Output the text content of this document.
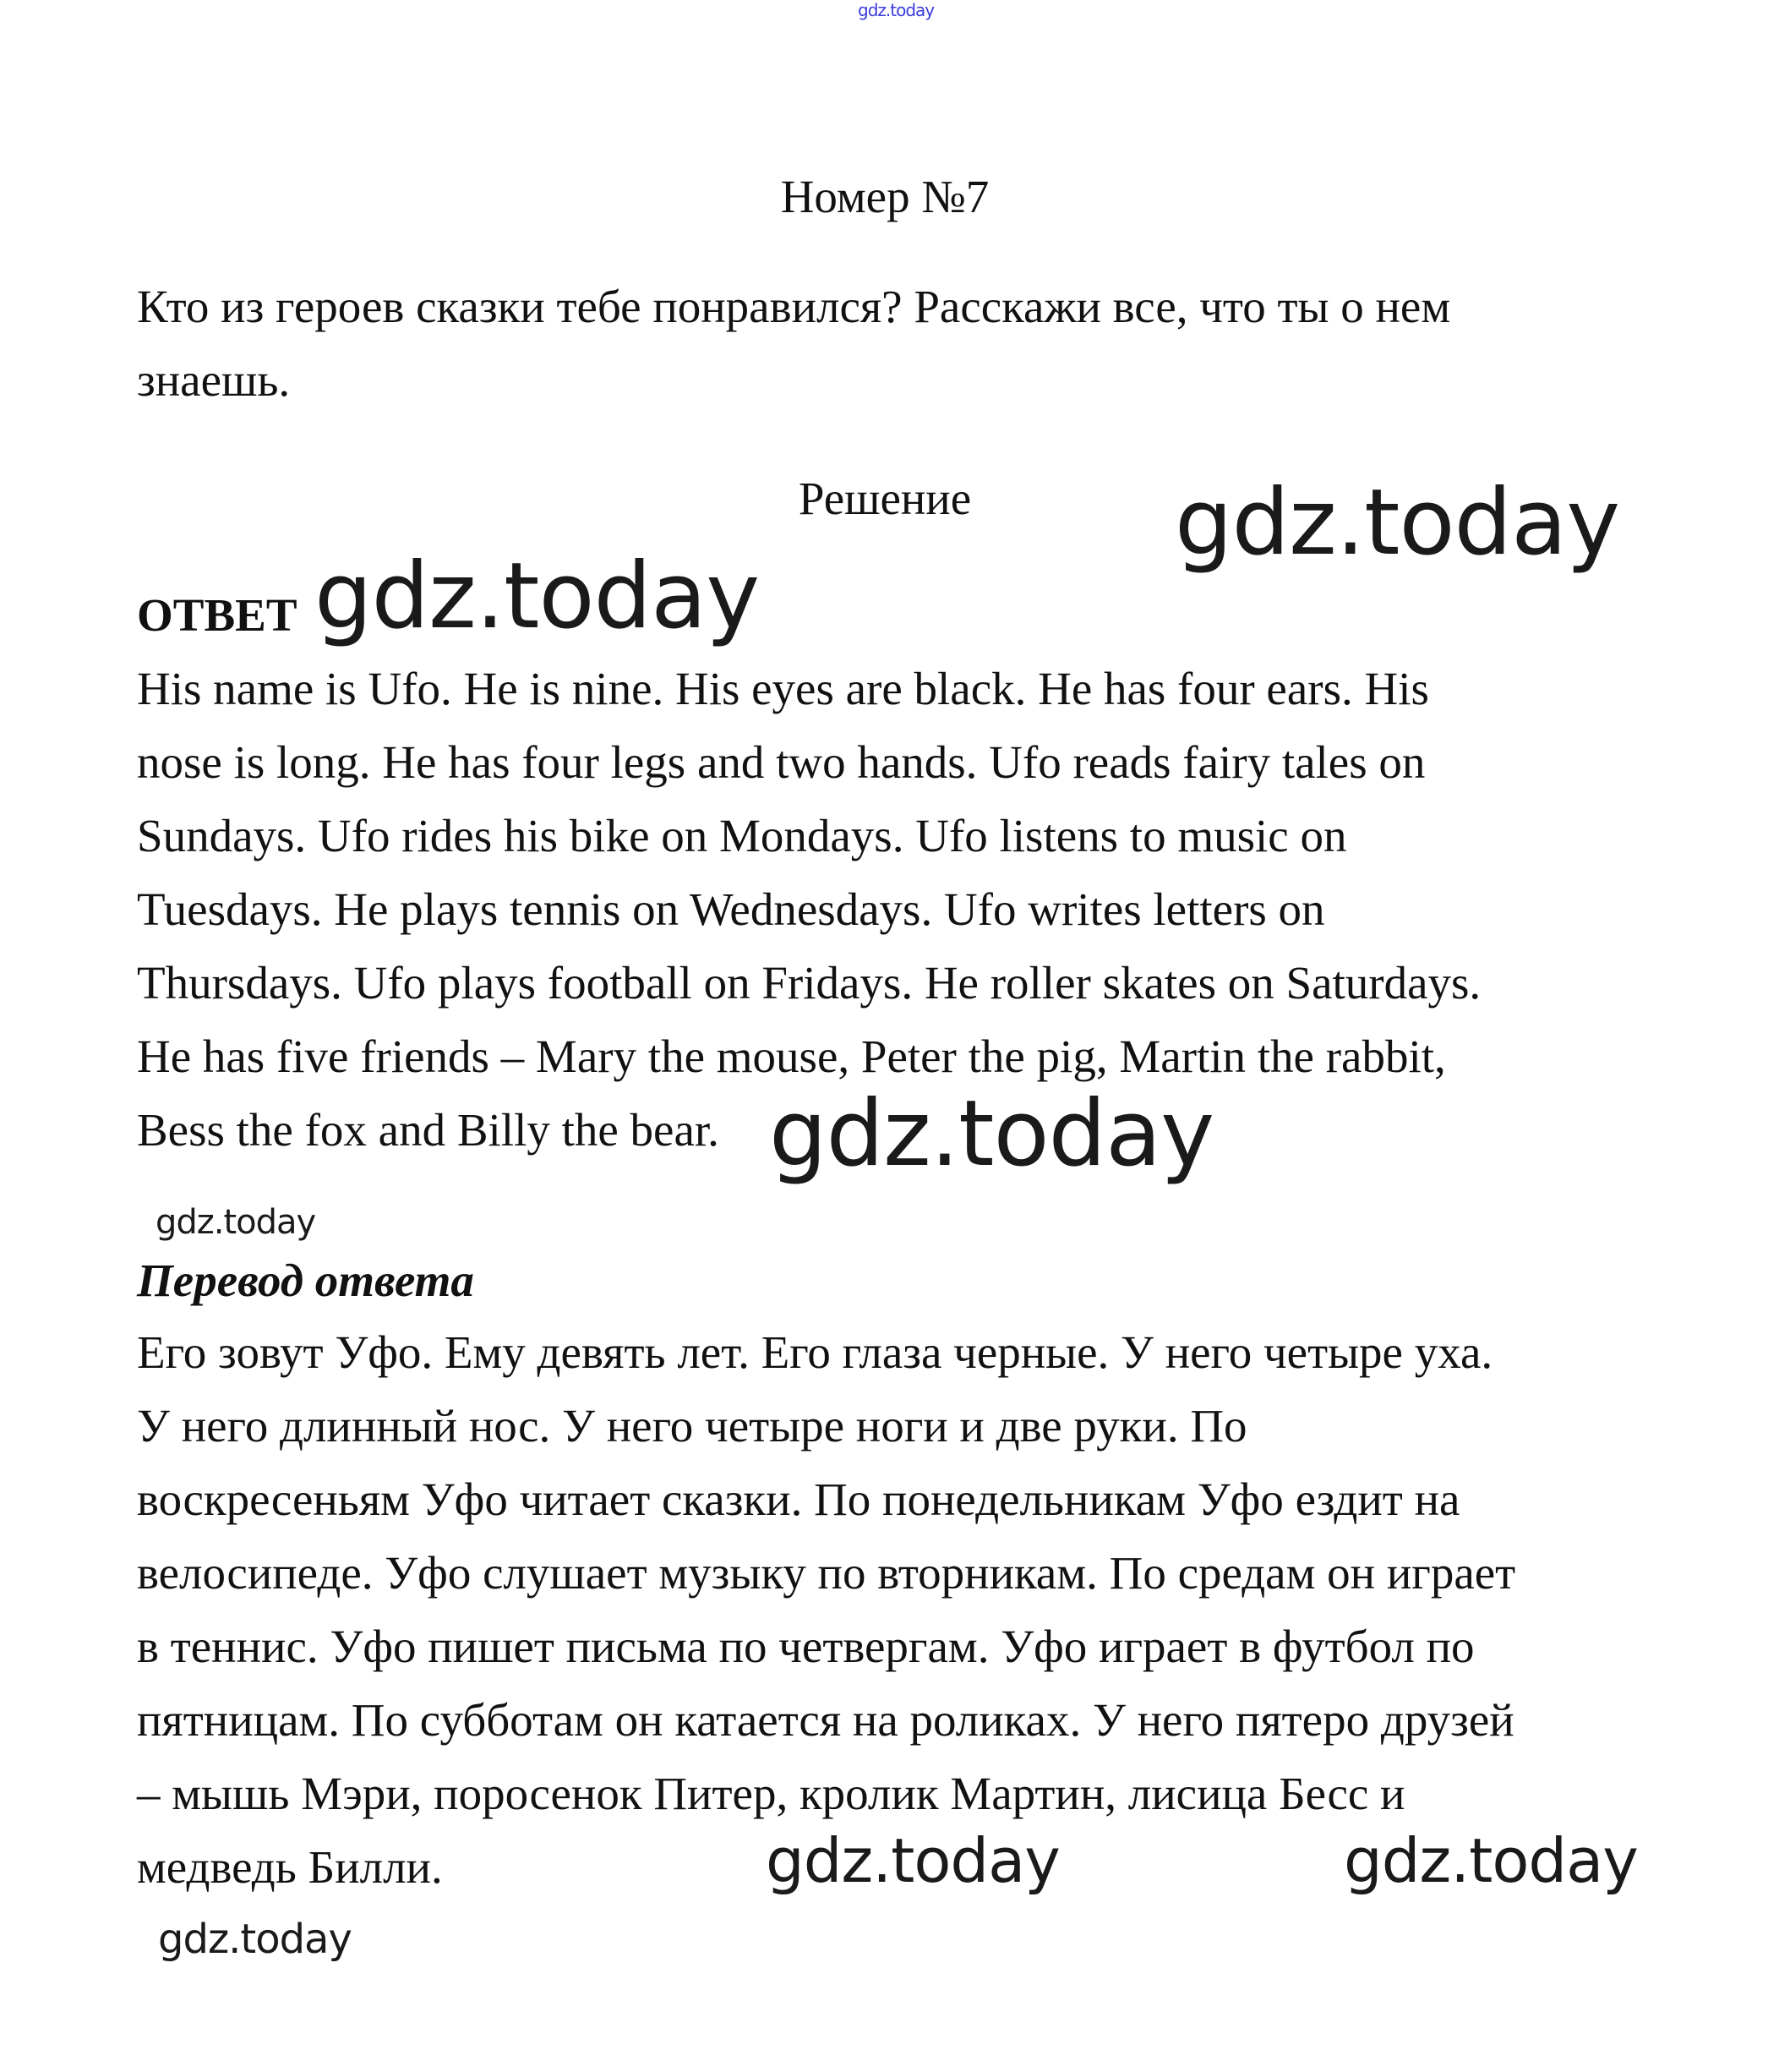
gdz.today
Номер №7
Кто из героев сказки тебе понравился? Расскажи все, что ты о нем
знаешь.
Решение gdz.today
ОТВЕТ gdz.today
His name is Ufo. He is nine. His eyes are black. He has four ears. His
nose is long. He has four legs and two hands. Ufo reads fairy tales on
Sundays. Ufo rides his bike on Mondays. Ufo listens to music on
Tuesdays. He plays tennis on Wednesdays. Ufo writes letters on
Thursdays. Ufo plays football on Fridays. He roller skates on Saturdays.
He has five friends – Mary the mouse, Peter the pig, Martin the rabbit,
Bess the fox and Billy the bear. gdz.today
gdz.today
Перевод ответа
Его зовут Уфо. Ему девять лет. Его глаза черные. У него четыре уха.
У него длинный нос. У него четыре ноги и две руки. По
воскресеньям Уфо читает сказки. По понедельникам Уфо ездит на
велосипеде. Уфо слушает музыку по вторникам. По средам он играет
в теннис. Уфо пишет письма по четвергам. Уфо играет в футбол по
пятницам. По субботам он катается на роликах. У него пятеро друзей
– мышь Мэри, поросенок Питер, кролик Мартин, лисица Бесс и
медведь Билли.
gdz.today
gdz.today	gdz.today
